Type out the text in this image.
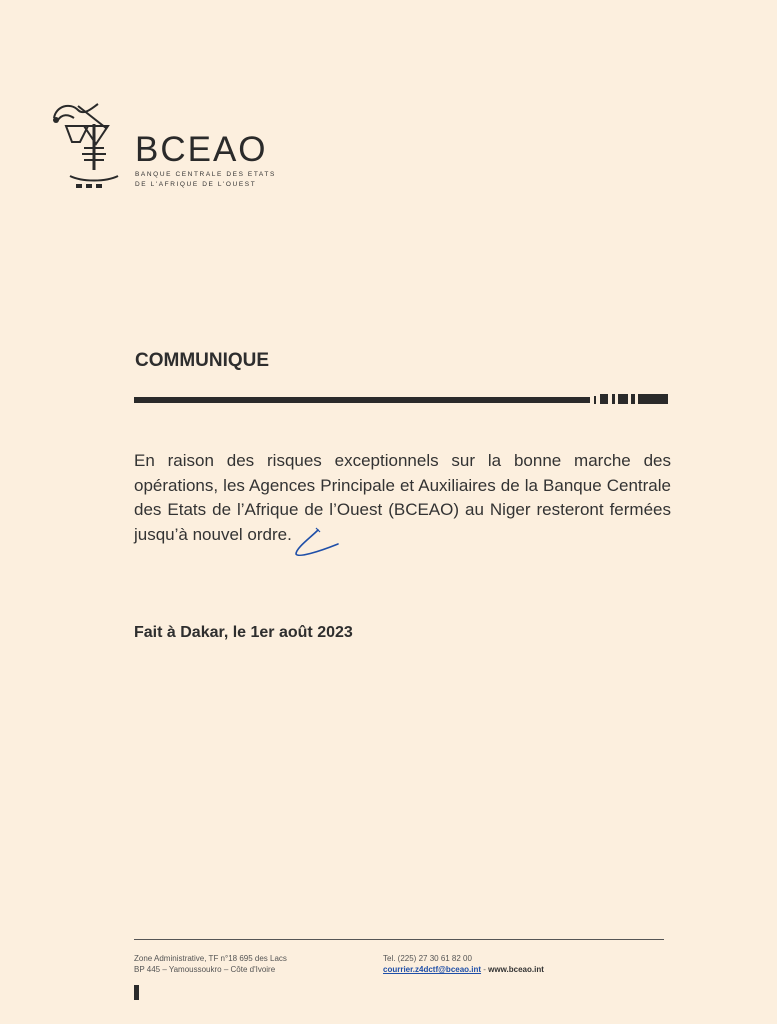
BCEAO
BANQUE CENTRALE DES ETATS
DE L'AFRIQUE DE L'OUEST
COMMUNIQUE

En raison des risques exceptionnels sur la bonne marche des opérations, les Agences Principale et Auxiliaires de la Banque Centrale des Etats de l’Afrique de l’Ouest (BCEAO) au Niger resteront fermées jusqu’à nouvel ordre.

Fait à Dakar, le 1er août 2023
Zone Administrative, TF n°18 695 des Lacs
BP 445 – Yamoussoukro – Côte d'Ivoire
Tel. (225) 27 30 61 82 00
courrier.z4dctf@bceao.int - www.bceao.int
